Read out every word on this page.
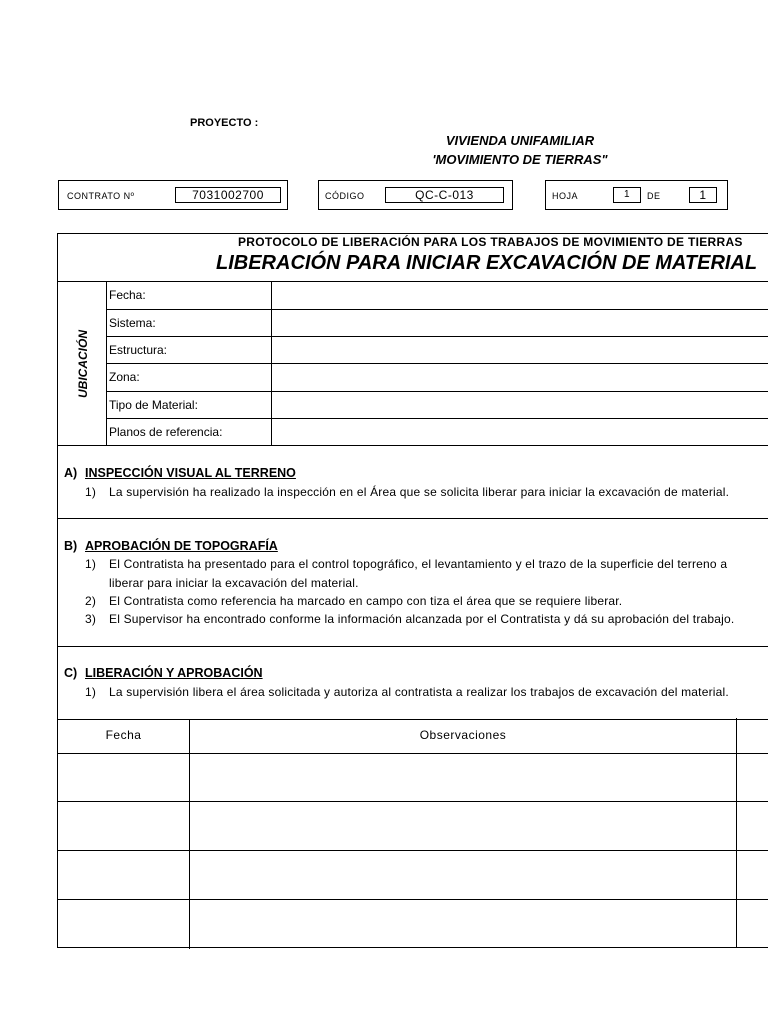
PROYECTO :
VIVIENDA UNIFAMILIAR
'MOVIMIENTO DE TIERRAS"
CONTRATO Nº	7031002700	CÓDIGO	QC-C-013	HOJA	1	DE	1
PROTOCOLO DE LIBERACIÓN PARA LOS TRABAJOS DE MOVIMIENTO DE TIERRAS
LIBERACIÓN PARA INICIAR EXCAVACIÓN DE MATERIAL
UBICACIÓN
Fecha:
Sistema:
Estructura:
Zona:
Tipo de Material:
Planos de referencia:
A) INSPECCIÓN VISUAL AL TERRENO
1) La supervisión ha realizado la inspección en el Área que se solicita liberar para iniciar la excavación de material.
B) APROBACIÓN DE TOPOGRAFÍA
1) El Contratista ha presentado para el control topográfico, el levantamiento y el trazo de la superficie del terreno a
liberar para iniciar la excavación del material.
2) El Contratista como referencia ha marcado en campo con tiza el área que se requiere liberar.
3) El Supervisor ha encontrado conforme la información alcanzada por el Contratista y dá su aprobación del trabajo.
C) LIBERACIÓN Y APROBACIÓN
1) La supervisión libera el área solicitada y autoriza al contratista a realizar los trabajos de excavación del material.
Fecha	Observaciones
